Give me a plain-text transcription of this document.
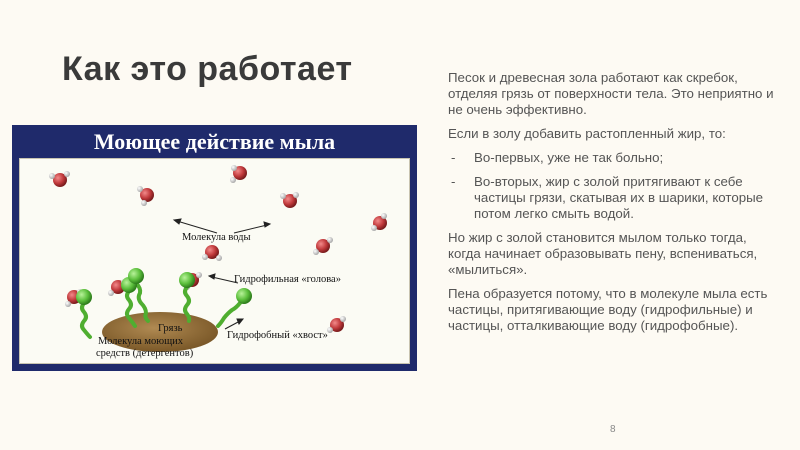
Как это работает
Моющее действие мыла
Молекула воды
Гидрофильная «голова»
Грязь
Гидрофобный «хвост»
Молекула моющих
средств (детергентов)

Песок и древесная зола работают как скребок, отделяя грязь от поверхности тела. Это неприятно и не очень эффективно.

Если в золу добавить растопленный жир, то:

- Во-первых, уже не так больно;
- Во-вторых, жир с золой притягивают к себе частицы грязи, скатывая их в шарики, которые потом легко смыть водой.

Но жир с золой становится мылом только тогда, когда начинает образовывать пену, вспениваться, «мылиться».

Пена образуется потому, что в молекуле мыла есть частицы, притягивающие воду (гидрофильные) и частицы, отталкивающие воду (гидрофобные).

8
